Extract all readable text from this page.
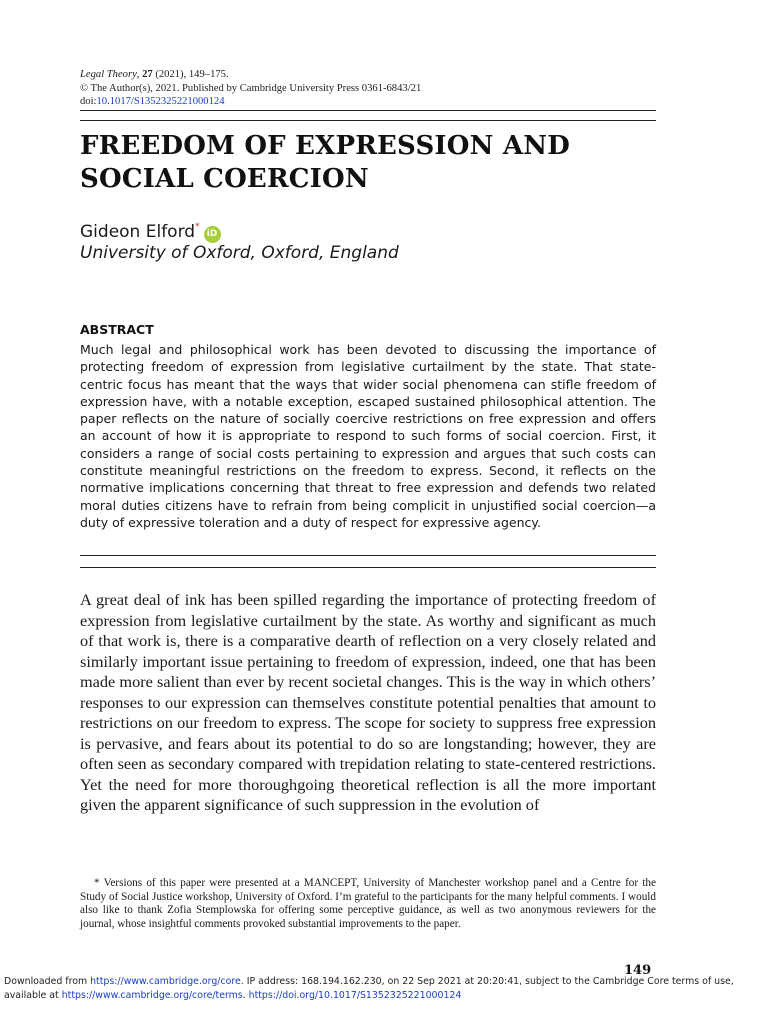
Legal Theory, 27 (2021), 149–175.
© The Author(s), 2021. Published by Cambridge University Press 0361-6843/21
doi:10.1017/S1352325221000124
FREEDOM OF EXPRESSION AND SOCIAL COERCION
Gideon Elford*iD
University of Oxford, Oxford, England
ABSTRACT

Much legal and philosophical work has been devoted to discussing the importance of protecting freedom of expression from legislative curtailment by the state. That state-centric focus has meant that the ways that wider social phenomena can stifle freedom of expression have, with a notable exception, escaped sustained philosophical attention. The paper reflects on the nature of socially coercive restrictions on free expression and offers an account of how it is appropriate to respond to such forms of social coercion. First, it considers a range of social costs pertaining to expression and argues that such costs can constitute meaningful restrictions on the freedom to express. Second, it reflects on the normative implications concerning that threat to free expression and defends two related moral duties citizens have to refrain from being complicit in unjustified social coercion—a duty of expressive toleration and a duty of respect for expressive agency.

A great deal of ink has been spilled regarding the importance of protecting freedom of expression from legislative curtailment by the state. As worthy and significant as much of that work is, there is a comparative dearth of reflection on a very closely related and similarly important issue pertaining to freedom of expression, indeed, one that has been made more salient than ever by recent societal changes. This is the way in which others’ responses to our expression can themselves constitute potential penalties that amount to restrictions on our freedom to express. The scope for society to suppress free expression is pervasive, and fears about its potential to do so are longstanding; however, they are often seen as secondary compared with trepidation relating to state-centered restrictions. Yet the need for more thoroughgoing theoretical reflection is all the more important given the apparent significance of such suppression in the evolution of

* Versions of this paper were presented at a MANCEPT, University of Manchester workshop panel and a Centre for the Study of Social Justice workshop, University of Oxford. I’m grateful to the participants for the many helpful comments. I would also like to thank Zofia Stemplowska for offering some perceptive guidance, as well as two anonymous reviewers for the journal, whose insightful comments provoked substantial improvements to the paper.

149
Downloaded from https://www.cambridge.org/core. IP address: 168.194.162.230, on 22 Sep 2021 at 20:20:41, subject to the Cambridge Core terms of use, available at https://www.cambridge.org/core/terms. https://doi.org/10.1017/S1352325221000124
